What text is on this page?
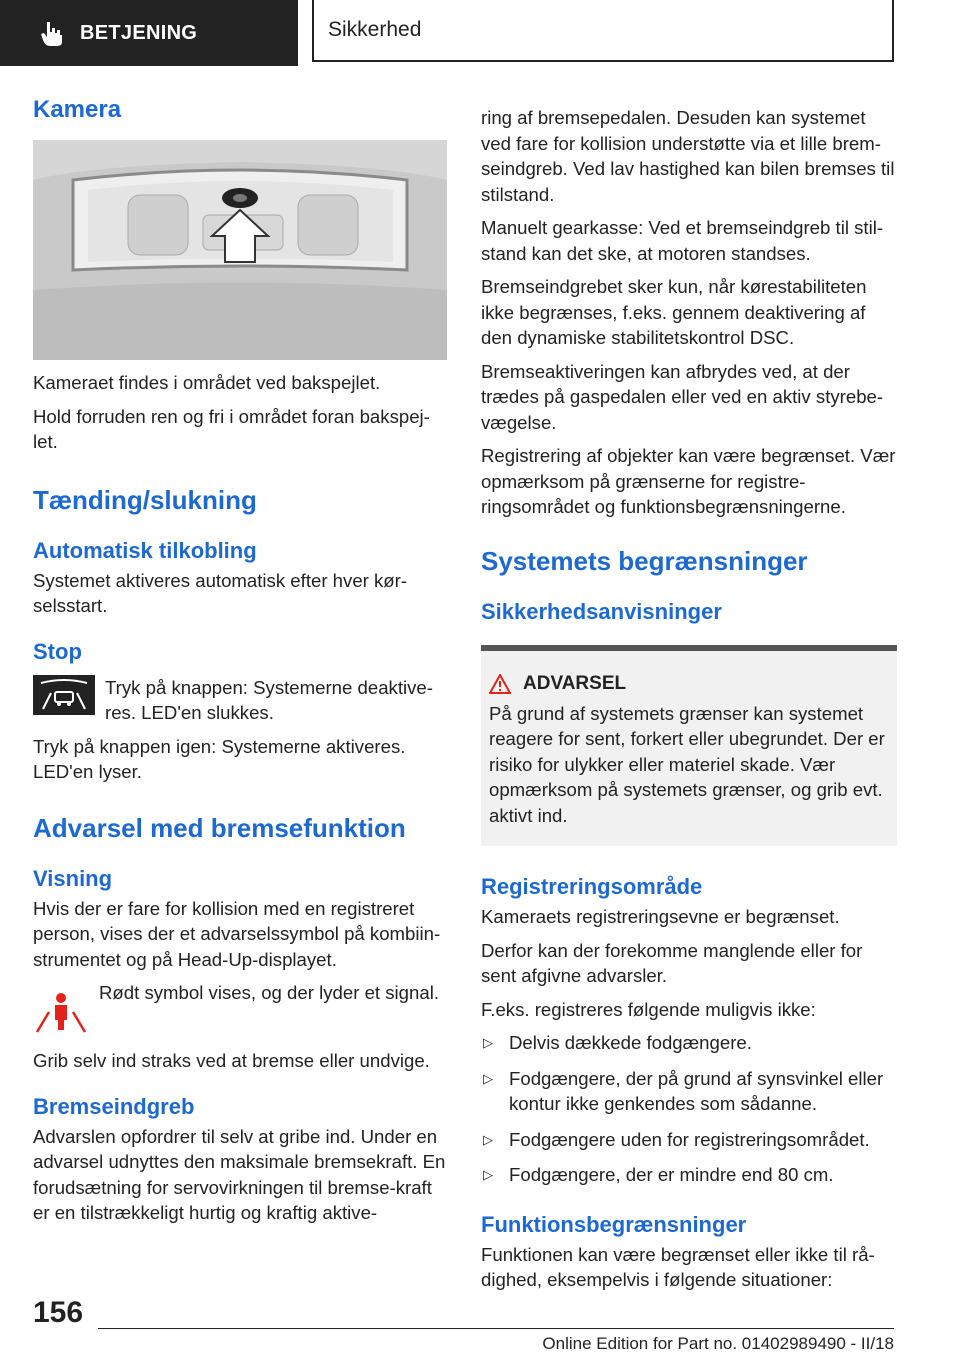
BETJENING	Sikkerhed
Kamera

Kameraet findes i området ved bakspejlet.

Hold forruden ren og fri i området foran bakspej-let.

Tænding/slukning
Automatisk tilkobling

Systemet aktiveres automatisk efter hver kør-selsstart.

Stop

Tryk på knappen: Systemerne deaktive-res. LED'en slukkes.

Tryk på knappen igen: Systemerne aktiveres. LED'en lyser.

Advarsel med bremsefunktion
Visning

Hvis der er fare for kollision med en registreret person, vises der et advarselssymbol på kombiin-strumentet og på Head-Up-displayet.

Rødt symbol vises, og der lyder et signal.

Grib selv ind straks ved at bremse eller undvige.

Bremseindgreb

Advarslen opfordrer til selv at gribe ind. Under en advarsel udnyttes den maksimale bremsekraft. En forudsætning for servovirkningen til bremse-kraft er en tilstrækkeligt hurtig og kraftig aktive-

ring af bremsepedalen. Desuden kan systemet ved fare for kollision understøtte via et lille brem-seindgreb. Ved lav hastighed kan bilen bremses til stilstand.

Manuelt gearkasse: Ved et bremseindgreb til stil-stand kan det ske, at motoren standses.

Bremseindgrebet sker kun, når kørestabiliteten ikke begrænses, f.eks. gennem deaktivering af den dynamiske stabilitetskontrol DSC.

Bremseaktiveringen kan afbrydes ved, at der trædes på gaspedalen eller ved en aktiv styrebe-vægelse.

Registrering af objekter kan være begrænset. Vær opmærksom på grænserne for registre-ringsområdet og funktionsbegrænsningerne.

Systemets begrænsninger
Sikkerhedsanvisninger
ADVARSEL

På grund af systemets grænser kan systemet reagere for sent, forkert eller ubegrundet. Der er risiko for ulykker eller materiel skade. Vær opmærksom på systemets grænser, og grib evt. aktivt ind.

Registreringsområde

Kameraets registreringsevne er begrænset.

Derfor kan der forekomme manglende eller for sent afgivne advarsler.

F.eks. registreres følgende muligvis ikke:

▷ Delvis dækkede fodgængere.
▷ Fodgængere, der på grund af synsvinkel eller kontur ikke genkendes som sådanne.
▷ Fodgængere uden for registreringsområdet.
▷ Fodgængere, der er mindre end 80 cm.
Funktionsbegrænsninger

Funktionen kan være begrænset eller ikke til rå-dighed, eksempelvis i følgende situationer:

156
Online Edition for Part no. 01402989490 - II/18
